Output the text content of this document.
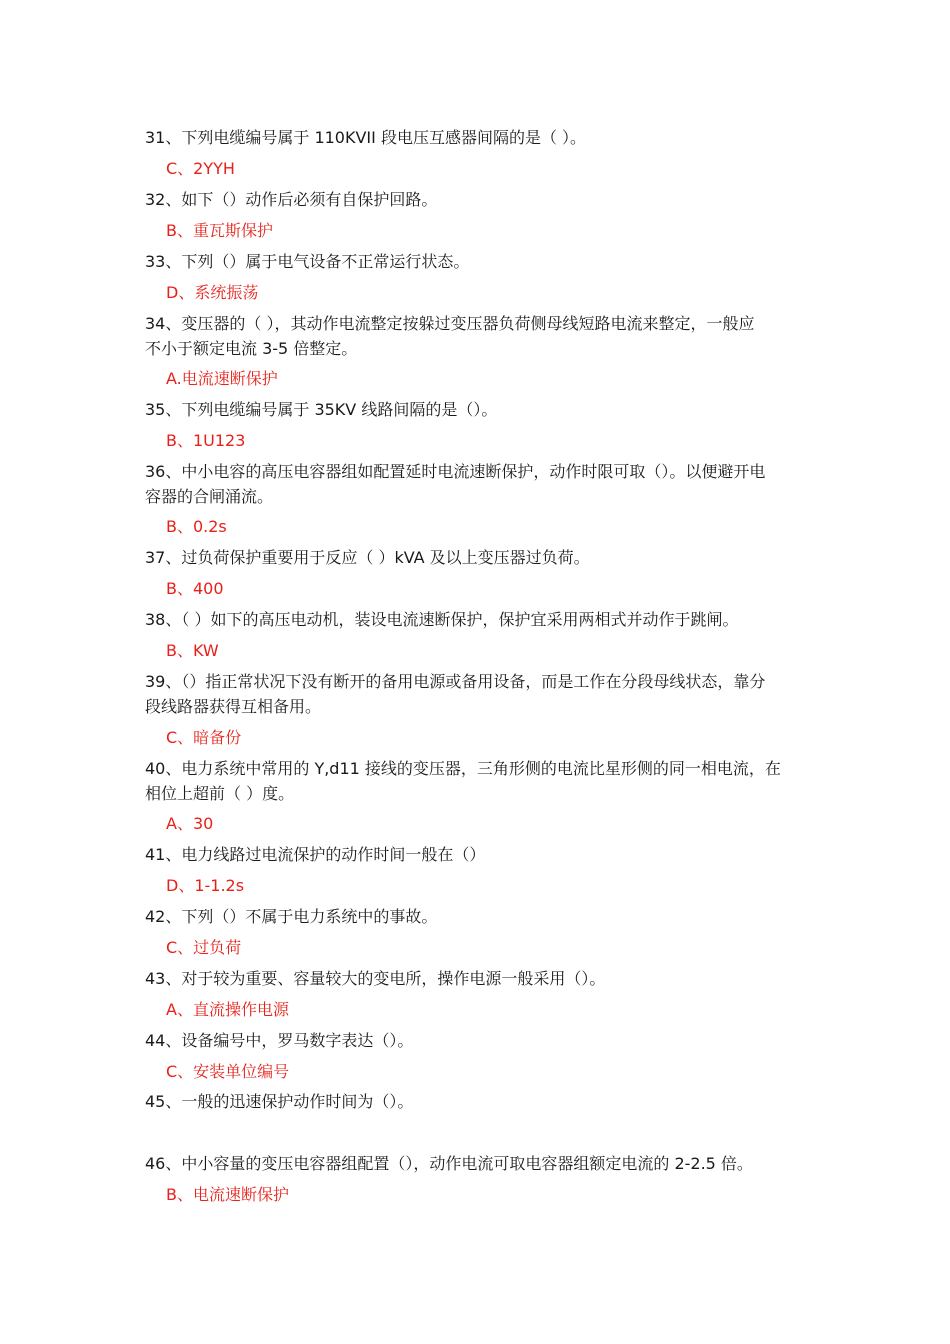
31、下列电缆编号属于 110KVII 段电压互感器间隔的是（ ）。
C、2YYH
32、如下（）动作后必须有自保护回路。
B、重瓦斯保护
33、下列（）属于电气设备不正常运行状态。
D、系统振荡
34、变压器的（ ），其动作电流整定按躲过变压器负荷侧母线短路电流来整定，一般应
不小于额定电流 3-5 倍整定。
A.电流速断保护
35、下列电缆编号属于 35KV 线路间隔的是（）。
B、1U123
36、中小电容的高压电容器组如配置延时电流速断保护，动作时限可取（）。以便避开电
容器的合闸涌流。
B、0.2s
37、过负荷保护重要用于反应（ ）kVA 及以上变压器过负荷。
B、400
38、（ ）如下的高压电动机，装设电流速断保护，保护宜采用两相式并动作于跳闸。
B、KW
39、（）指正常状况下没有断开的备用电源或备用设备，而是工作在分段母线状态，靠分
段线路器获得互相备用。
C、暗备份
40、电力系统中常用的 Y,d11 接线的变压器，三角形侧的电流比星形侧的同一相电流，在
相位上超前（ ）度。
A、30
41、电力线路过电流保护的动作时间一般在（）
D、1-1.2s
42、下列（）不属于电力系统中的事故。
C、过负荷
43、对于较为重要、容量较大的变电所，操作电源一般采用（）。
A、直流操作电源
44、设备编号中，罗马数字表达（）。
C、安装单位编号
45、一般的迅速保护动作时间为（）。
46、中小容量的变压电容器组配置（），动作电流可取电容器组额定电流的 2-2.5 倍。
B、电流速断保护
